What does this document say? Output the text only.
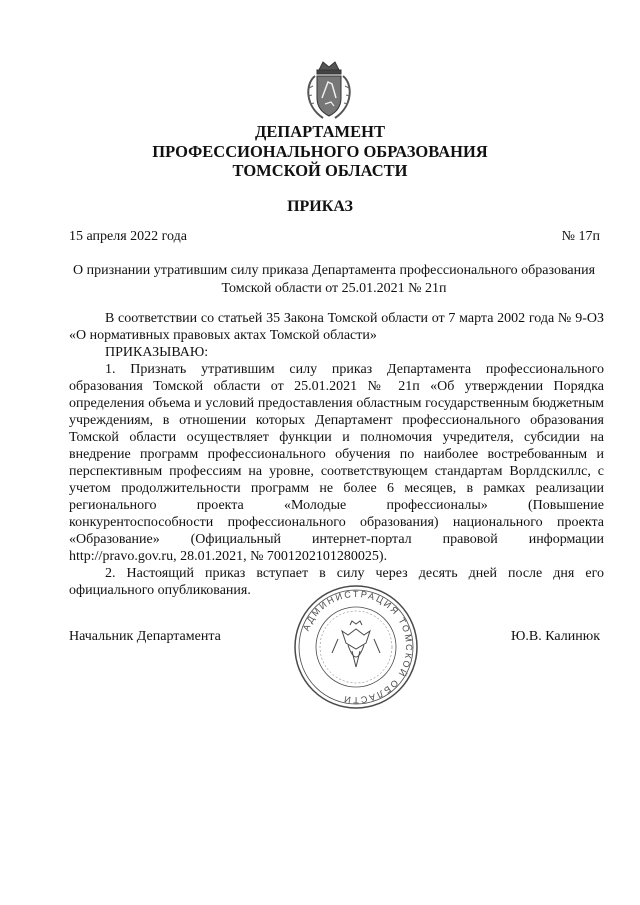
ДЕПАРТАМЕНТ
ПРОФЕССИОНАЛЬНОГО ОБРАЗОВАНИЯ
ТОМСКОЙ ОБЛАСТИ
ПРИКАЗ
15 апреля 2022 года	№ 17п
О признании утратившим силу приказа Департамента профессионального образования
Томской области от 25.01.2021 № 21п

В соответствии со статьей 35 Закона Томской области от 7 марта 2002 года № 9-ОЗ «О нормативных правовых актах Томской области»

ПРИКАЗЫВАЮ:

1. Признать утратившим силу приказ Департамента профессионального образования Томской области от 25.01.2021 № 21п «Об утверждении Порядка определения объема и условий предоставления областным государственным бюджетным учреждениям, в отношении которых Департамент профессионального образования Томской области осуществляет функции и полномочия учредителя, субсидии на внедрение программ профессионального обучения по наиболее востребованным и перспективным профессиям на уровне, соответствующем стандартам Ворлдскиллс, с учетом продолжительности программ не более 6 месяцев, в рамках реализации регионального проекта «Молодые профессионалы» (Повышение конкурентоспособности профессионального образования) национального проекта «Образование» (Официальный интернет-портал правовой информации http://pravo.gov.ru, 28.01.2021, № 7001202101280025).

2. Настоящий приказ вступает в силу через десять дней после дня его официального опубликования.

АДМИНИСТРАЦИЯ ТОМСКОЙ ОБЛАСТИ
Начальник Департамента	Ю.В. Калинюк
